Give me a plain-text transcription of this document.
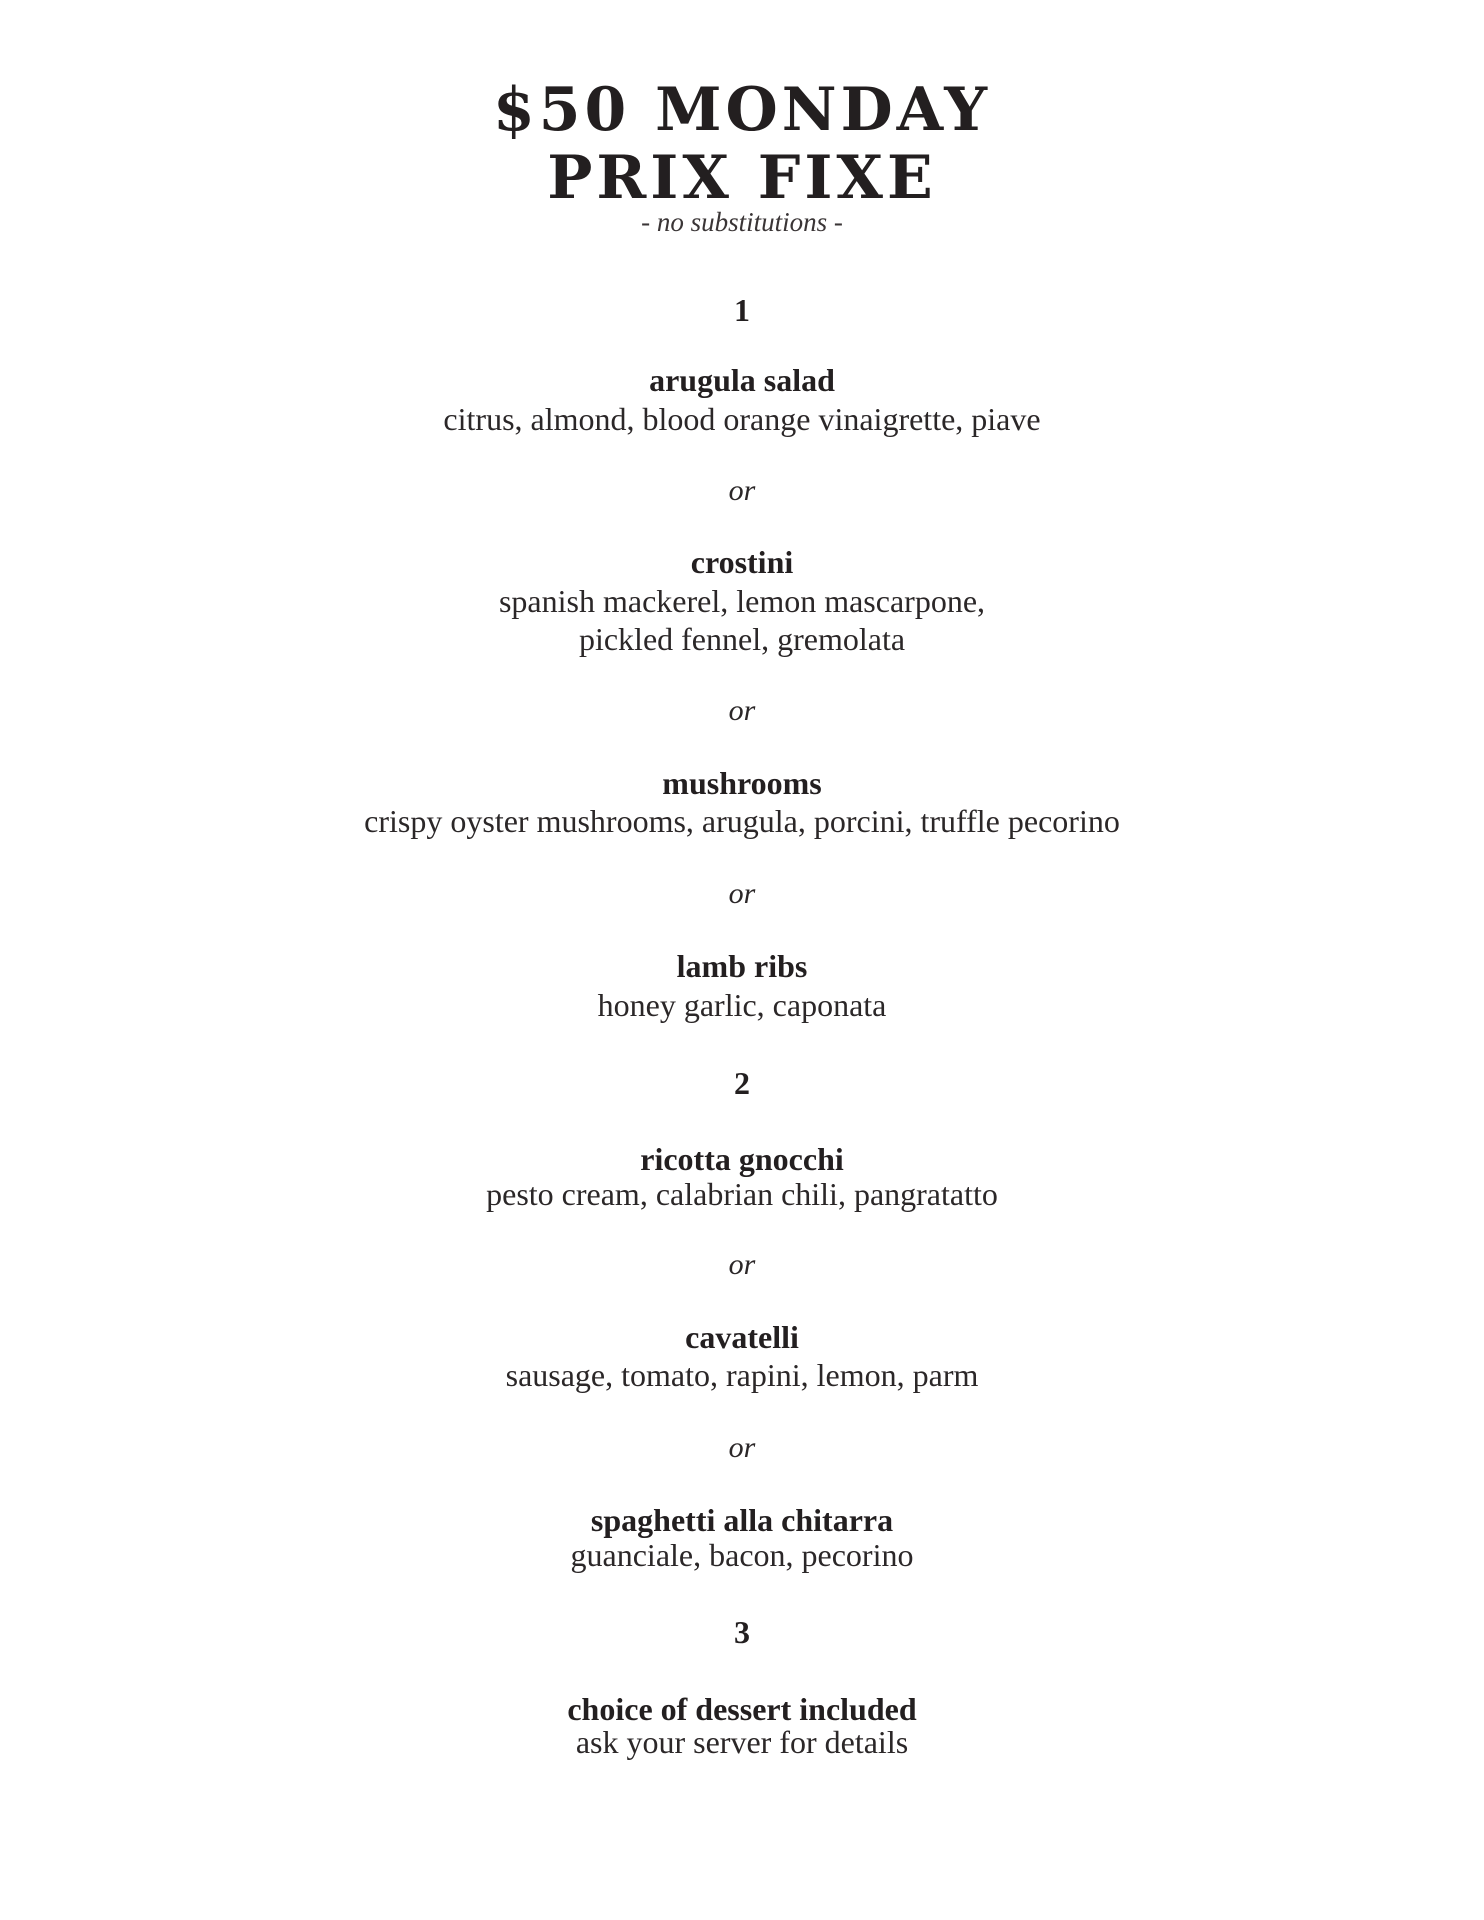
$50 MONDAY
PRIX FIXE
- no substitutions -
1
arugula salad
citrus, almond, blood orange vinaigrette, piave
or
crostini
spanish mackerel, lemon mascarpone,
pickled fennel, gremolata
or
mushrooms
crispy oyster mushrooms, arugula, porcini, truffle pecorino
or
lamb ribs
honey garlic, caponata
2
ricotta gnocchi
pesto cream, calabrian chili, pangratatto
or
cavatelli
sausage, tomato, rapini, lemon, parm
or
spaghetti alla chitarra
guanciale, bacon, pecorino
3
choice of dessert included
ask your server for details
